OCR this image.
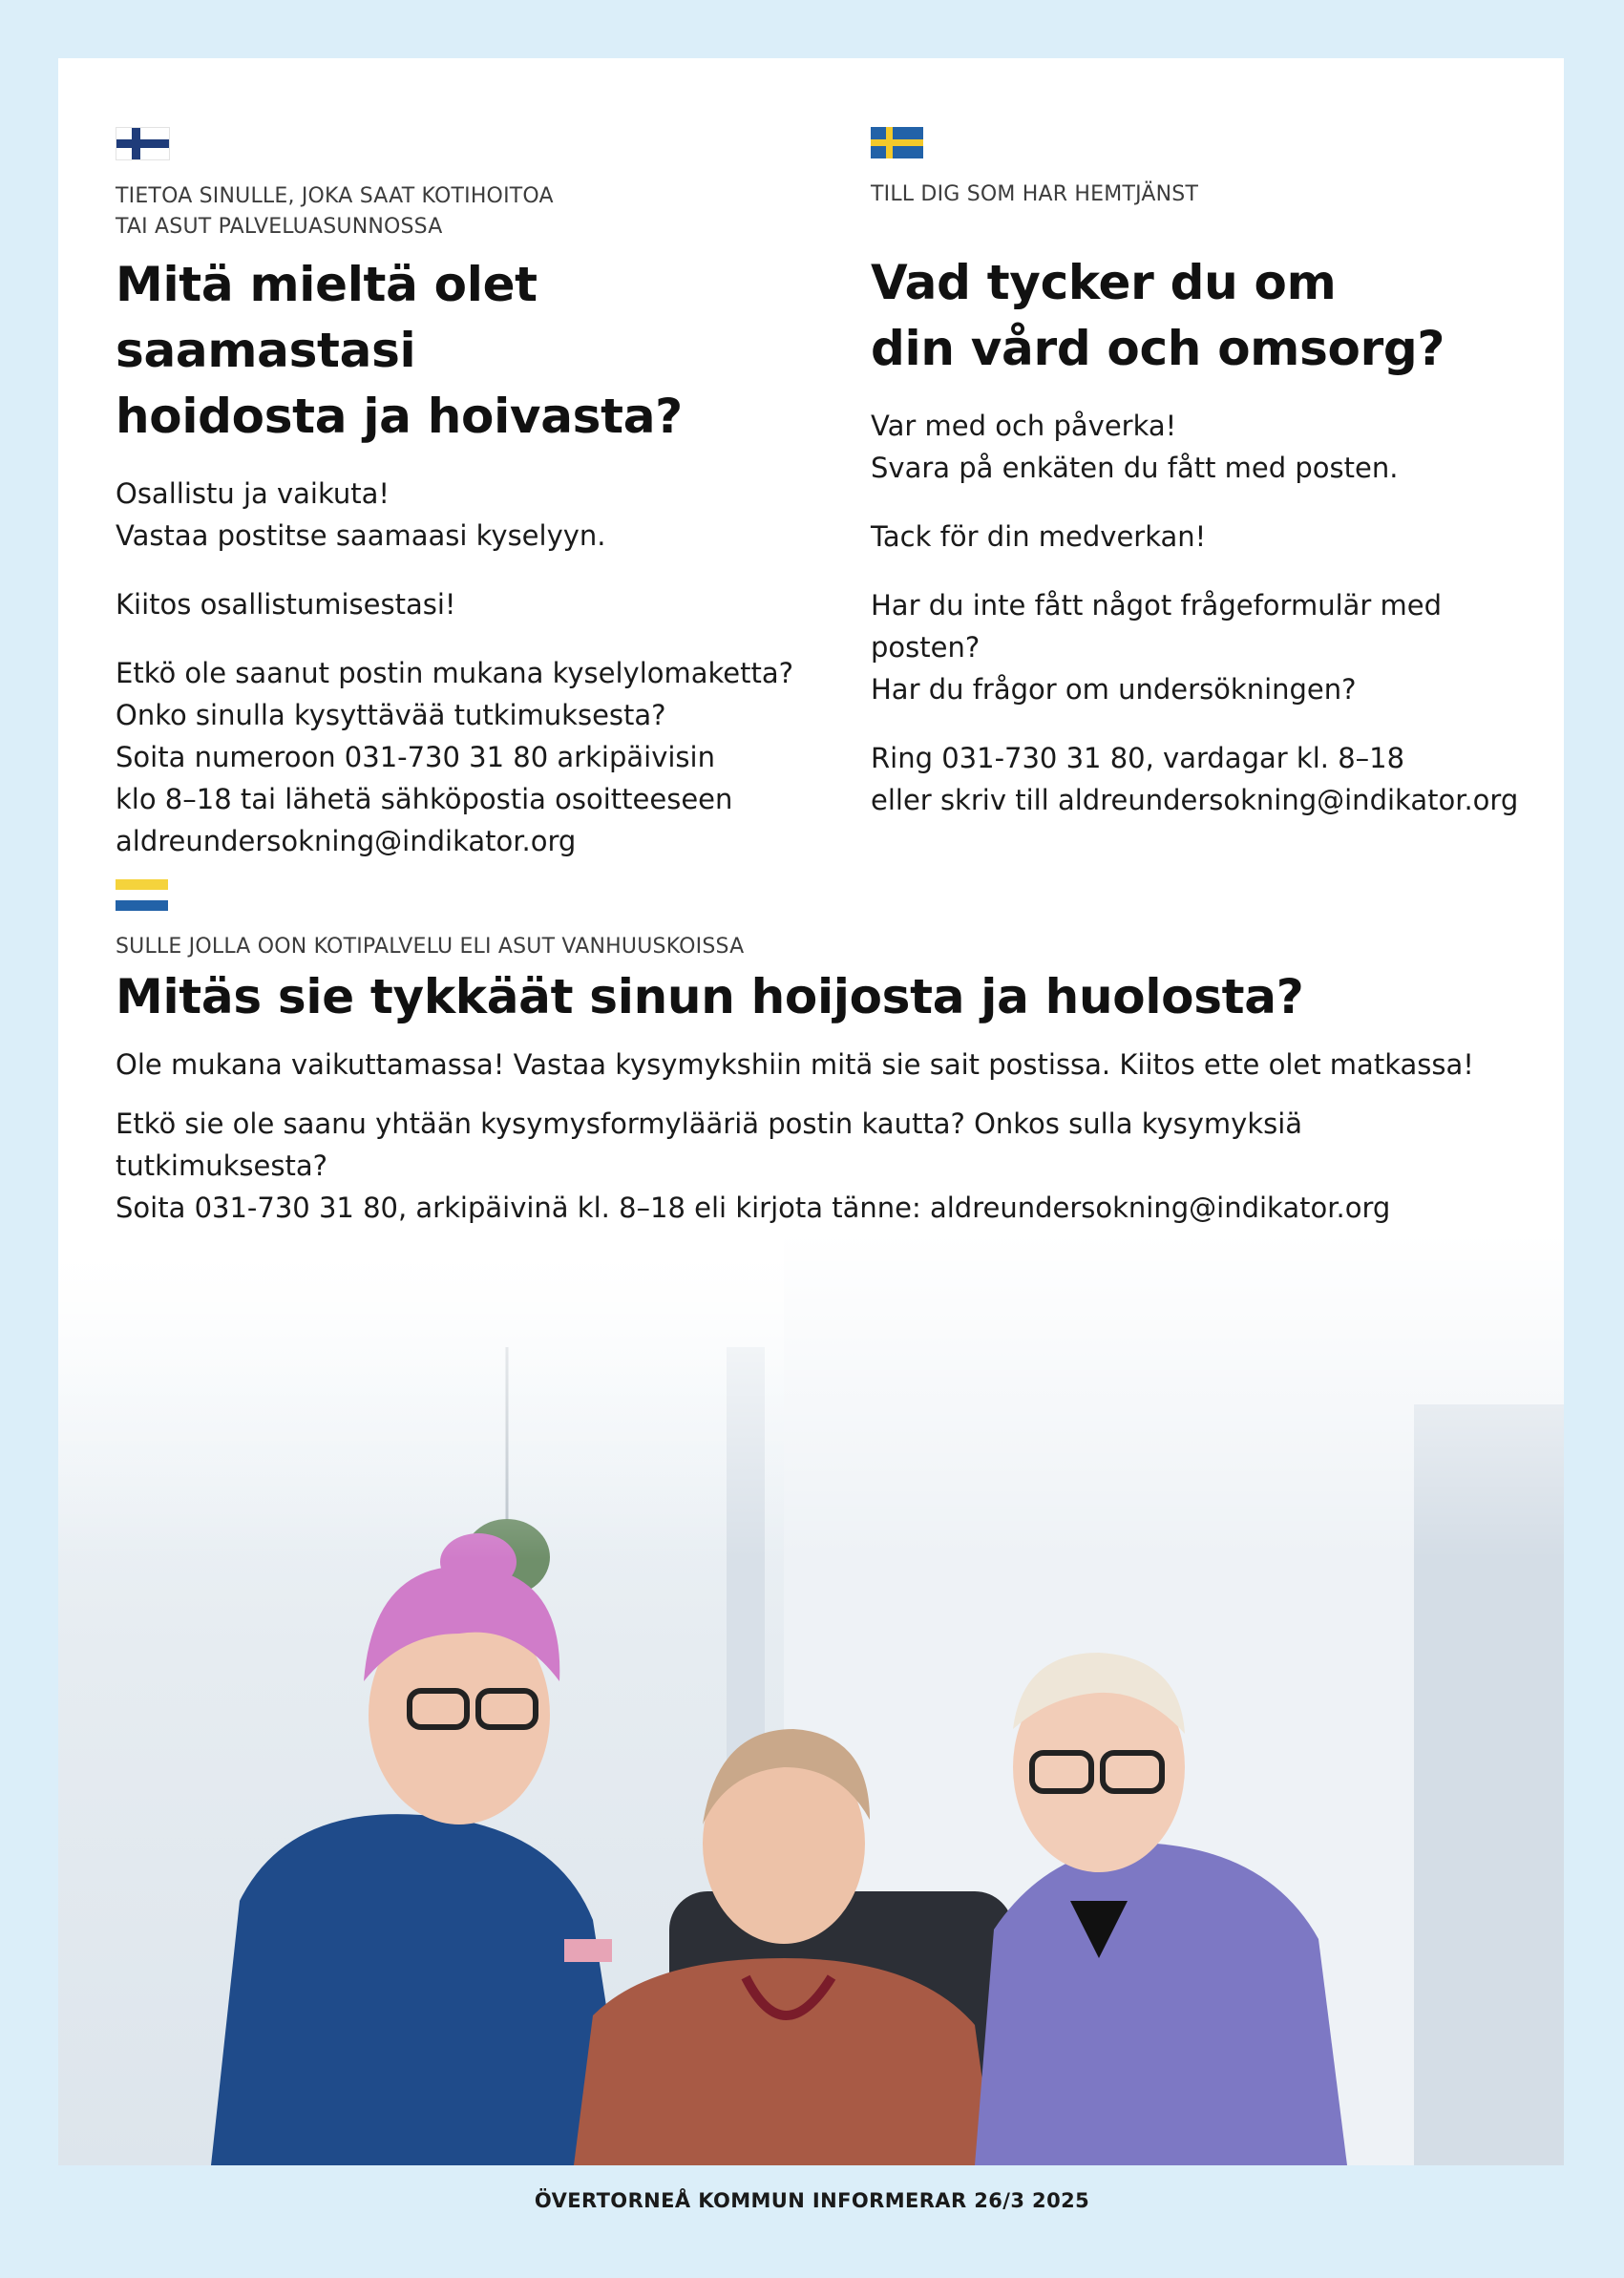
TIETOA SINULLE, JOKA SAAT KOTIHOITOA
TAI ASUT PALVELUASUNNOSSA

Mitä mieltä olet saamastasi
hoidosta ja hoivasta?

Osallistu ja vaikuta!
Vastaa postitse saamaasi kyselyyn.

Kiitos osallistumisestasi!

Etkö ole saanut postin mukana kyselylomaketta?
Onko sinulla kysyttävää tutkimuksesta?
Soita numeroon 031-730 31 80 arkipäivisin
klo 8–18 tai lähetä sähköpostia osoitteeseen
aldreundersokning@indikator.org

TILL DIG SOM HAR HEMTJÄNST

Vad tycker du om
din vård och omsorg?

Var med och påverka!
Svara på enkäten du fått med posten.

Tack för din medverkan!

Har du inte fått något frågeformulär med posten?
Har du frågor om undersökningen?

Ring 031-730 31 80, vardagar kl. 8–18
eller skriv till aldreundersokning@indikator.org

SULLE JOLLA OON KOTIPALVELU ELI ASUT VANHUUSKOISSA

Mitäs sie tykkäät sinun hoijosta ja huolosta?

Ole mukana vaikuttamassa! Vastaa kysymykshiin mitä sie sait postissa. Kiitos ette olet matkassa!

Etkö sie ole saanu yhtään kysymysformylääriä postin kautta? Onkos sulla kysymyksiä tutkimuksesta?
Soita 031-730 31 80, arkipäivinä kl. 8–18 eli kirjota tänne: aldreundersokning@indikator.org

ÖVERTORNEÅ KOMMUN INFORMERAR 26/3 2025
